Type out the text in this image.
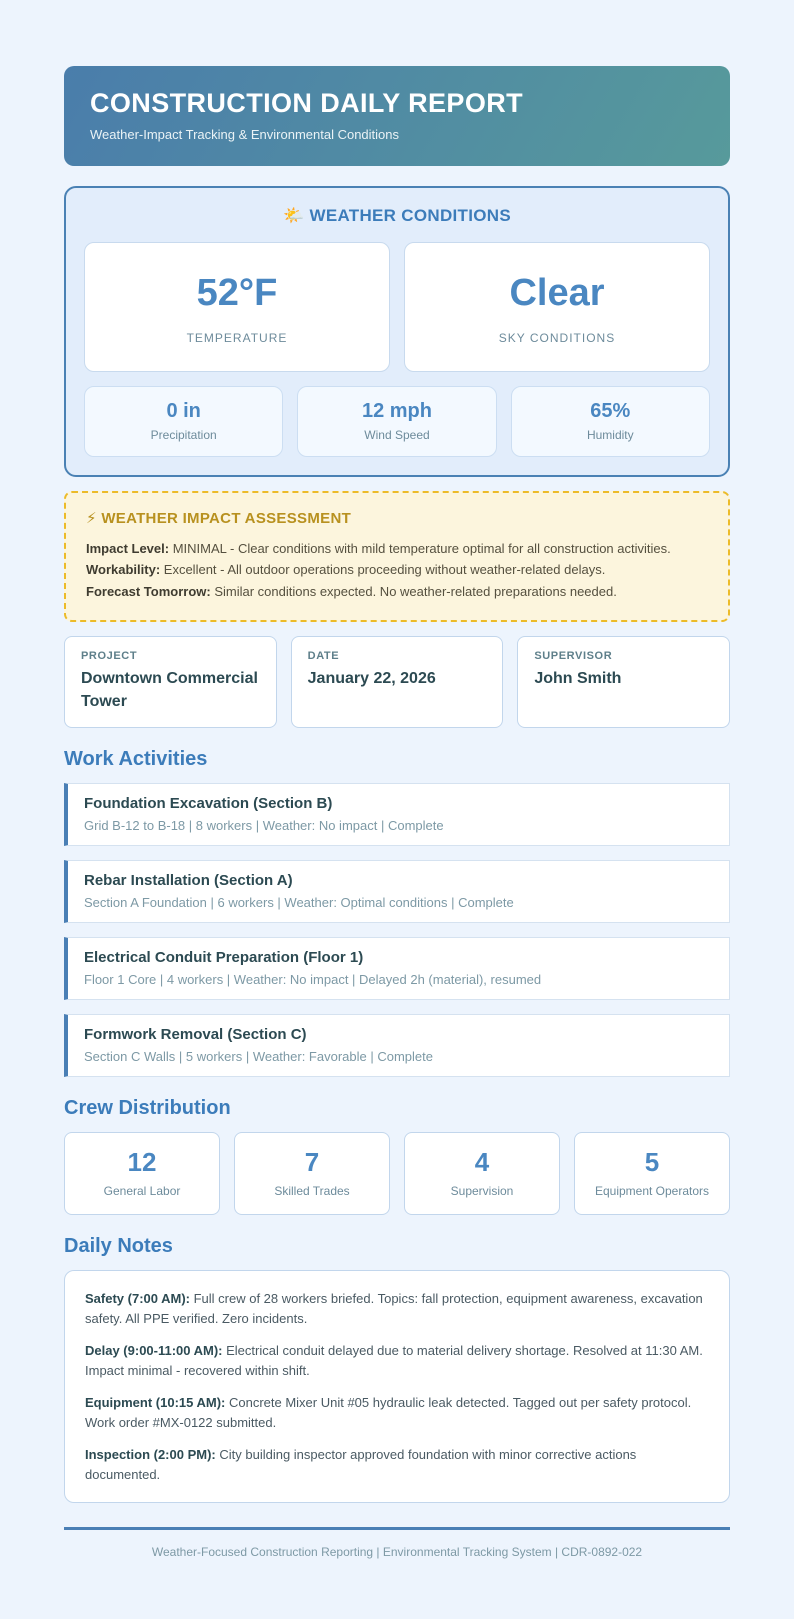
CONSTRUCTION DAILY REPORT
Weather-Impact Tracking & Environmental Conditions
🌤️ WEATHER CONDITIONS
52°F
TEMPERATURE
Clear
SKY CONDITIONS
0 in
Precipitation
12 mph
Wind Speed
65%
Humidity
⚡ WEATHER IMPACT ASSESSMENT
Impact Level: MINIMAL - Clear conditions with mild temperature optimal for all construction activities.
Workability: Excellent - All outdoor operations proceeding without weather-related delays.
Forecast Tomorrow: Similar conditions expected. No weather-related preparations needed.
PROJECT
Downtown Commercial Tower
DATE
January 22, 2026
SUPERVISOR
John Smith
Work Activities
Foundation Excavation (Section B)
Grid B-12 to B-18 | 8 workers | Weather: No impact | Complete
Rebar Installation (Section A)
Section A Foundation | 6 workers | Weather: Optimal conditions | Complete
Electrical Conduit Preparation (Floor 1)
Floor 1 Core | 4 workers | Weather: No impact | Delayed 2h (material), resumed
Formwork Removal (Section C)
Section C Walls | 5 workers | Weather: Favorable | Complete
Crew Distribution
12
General Labor
7
Skilled Trades
4
Supervision
5
Equipment Operators
Daily Notes
Safety (7:00 AM): Full crew of 28 workers briefed. Topics: fall protection, equipment awareness, excavation safety. All PPE verified. Zero incidents.
Delay (9:00-11:00 AM): Electrical conduit delayed due to material delivery shortage. Resolved at 11:30 AM. Impact minimal - recovered within shift.
Equipment (10:15 AM): Concrete Mixer Unit #05 hydraulic leak detected. Tagged out per safety protocol. Work order #MX-0122 submitted.
Inspection (2:00 PM): City building inspector approved foundation with minor corrective actions documented.
Weather-Focused Construction Reporting | Environmental Tracking System | CDR-0892-022
